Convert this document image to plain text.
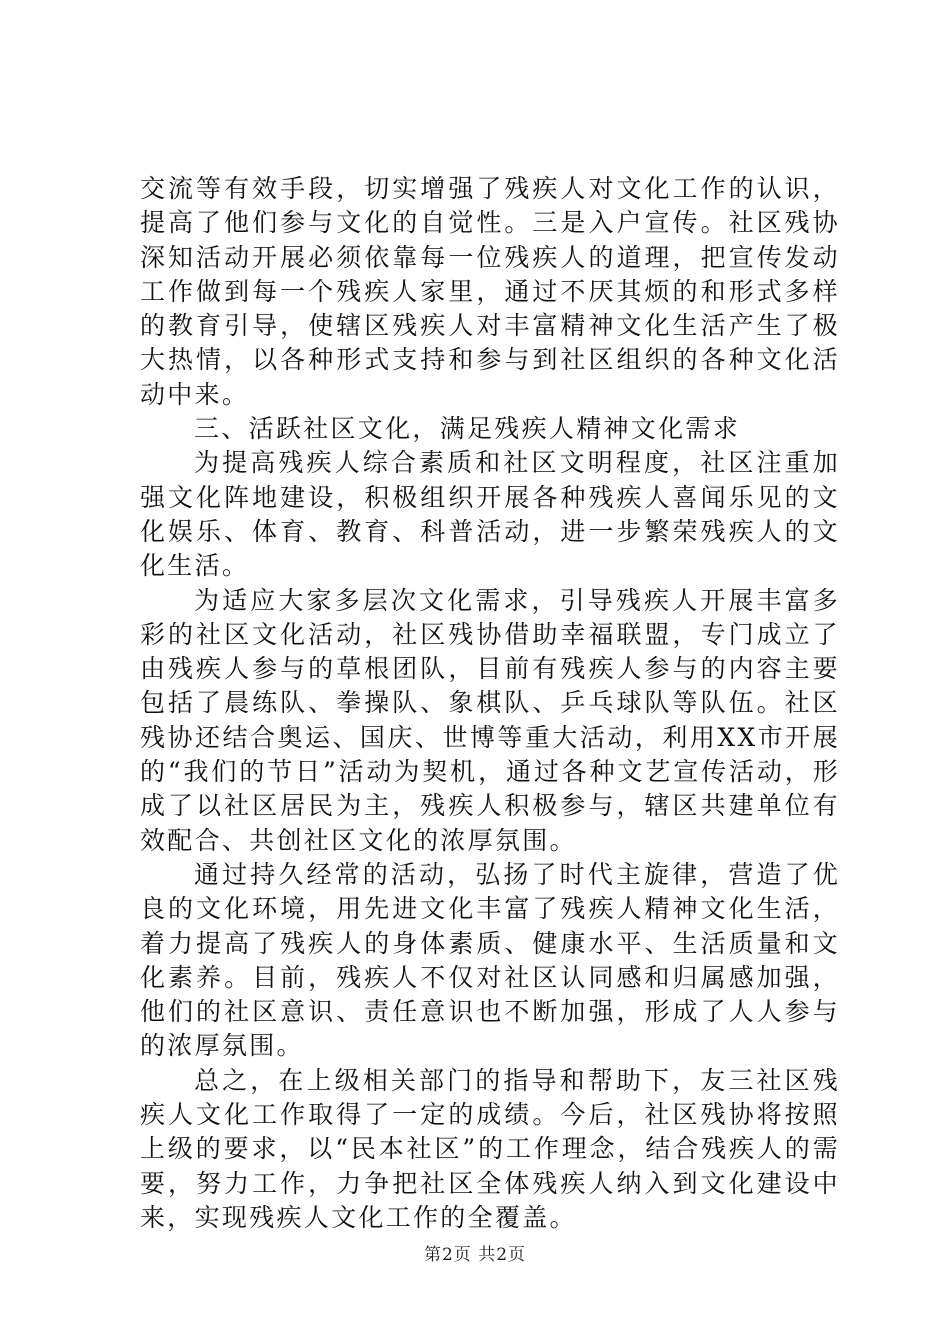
交流等有效手段，切实增强了残疾人对文化工作的认识，提高了他们参与文化的自觉性。三是入户宣传。社区残协深知活动开展必须依靠每一位残疾人的道理，把宣传发动工作做到每一个残疾人家里，通过不厌其烦的和形式多样的教育引导，使辖区残疾人对丰富精神文化生活产生了极大热情，以各种形式支持和参与到社区组织的各种文化活动中来。

三、活跃社区文化，满足残疾人精神文化需求

为提高残疾人综合素质和社区文明程度，社区注重加强文化阵地建设，积极组织开展各种残疾人喜闻乐见的文化娱乐、体育、教育、科普活动，进一步繁荣残疾人的文化生活。

为适应大家多层次文化需求，引导残疾人开展丰富多彩的社区文化活动，社区残协借助幸福联盟，专门成立了由残疾人参与的草根团队，目前有残疾人参与的内容主要包括了晨练队、拳操队、象棋队、乒乓球队等队伍。社区残协还结合奥运、国庆、世博等重大活动，利用XX市开展的“我们的节日”活动为契机，通过各种文艺宣传活动，形成了以社区居民为主，残疾人积极参与，辖区共建单位有效配合、共创社区文化的浓厚氛围。

通过持久经常的活动，弘扬了时代主旋律，营造了优良的文化环境，用先进文化丰富了残疾人精神文化生活，着力提高了残疾人的身体素质、健康水平、生活质量和文化素养。目前，残疾人不仅对社区认同感和归属感加强，他们的社区意识、责任意识也不断加强，形成了人人参与的浓厚氛围。

总之，在上级相关部门的指导和帮助下，友三社区残疾人文化工作取得了一定的成绩。今后，社区残协将按照上级的要求，以“民本社区”的工作理念，结合残疾人的需要，努力工作，力争把社区全体残疾人纳入到文化建设中来，实现残疾人文化工作的全覆盖。

第2页 共2页
